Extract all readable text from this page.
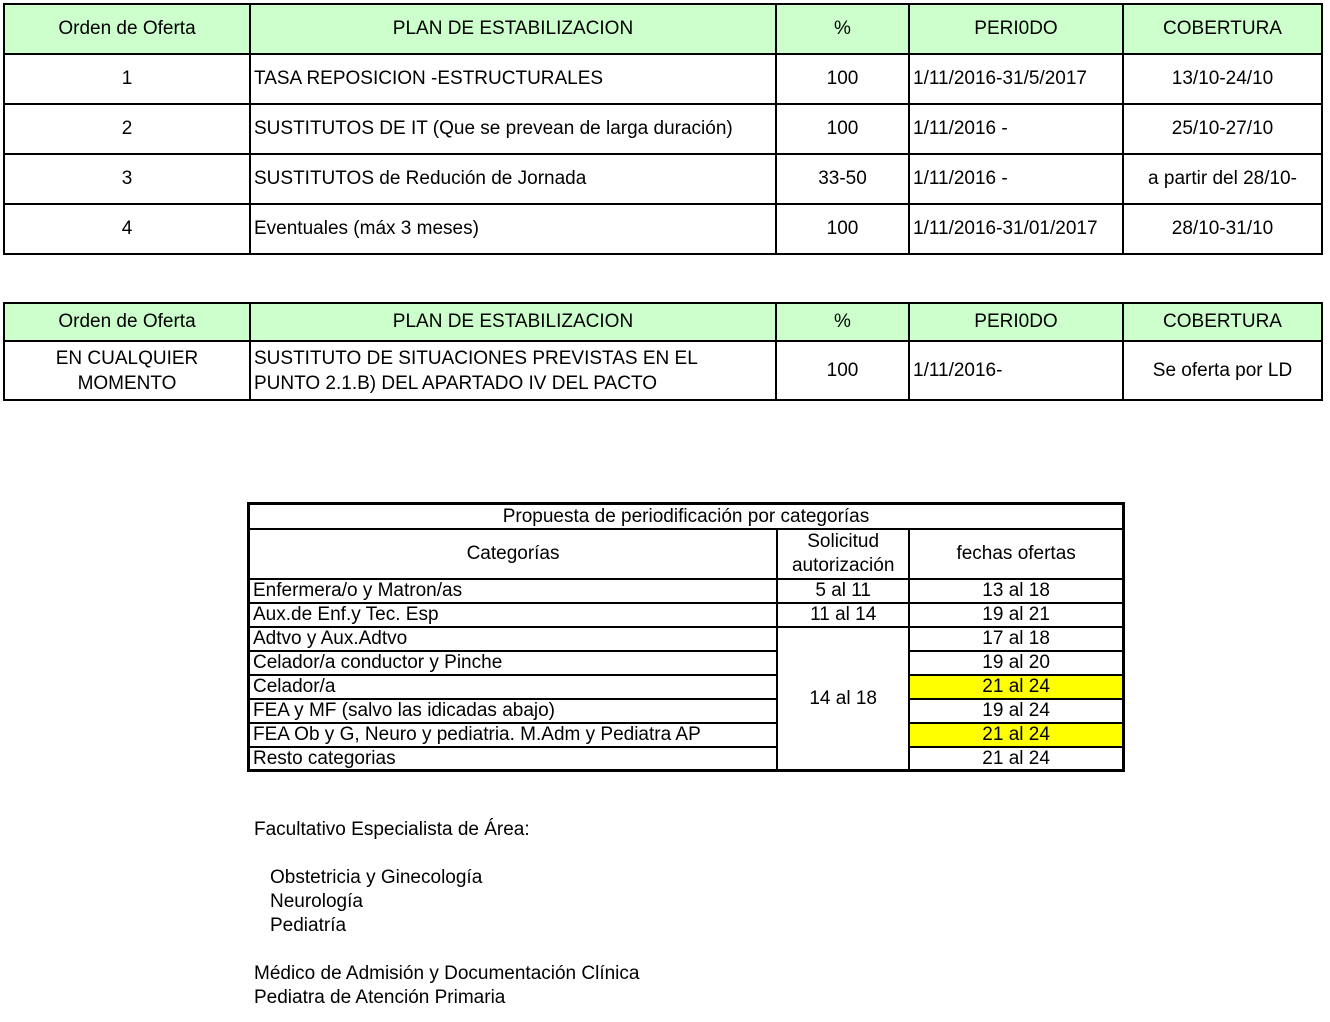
Orden de Oferta	PLAN DE ESTABILIZACION	%	PERI0DO	COBERTURA
1	TASA REPOSICION -ESTRUCTURALES	100	1/11/2016-31/5/2017	13/10-24/10
2	SUSTITUTOS DE IT (Que se prevean de larga duración)	100	1/11/2016 -	25/10-27/10
3	SUSTITUTOS de Redución de Jornada	33-50	1/11/2016 -	a partir del 28/10-
4	Eventuales (máx 3 meses)	100	1/11/2016-31/01/2017	28/10-31/10
Orden de Oferta	PLAN DE ESTABILIZACION	%	PERI0DO	COBERTURA
EN CUALQUIER MOMENTO	SUSTITUTO DE SITUACIONES PREVISTAS EN EL PUNTO 2.1.B) DEL APARTADO IV DEL PACTO	100	1/11/2016-	Se oferta por LD
Propuesta de periodificación por categorías		
Categorías	Solicitud autorización	fechas ofertas
Enfermera/o y Matron/as	5 al 11	13 al 18
Aux.de Enf.y Tec. Esp	11 al 14	19 al 21
Adtvo y Aux.Adtvo	14 al 18	17 al 18
Celador/a conductor y Pinche		19 al 20
Celador/a		21 al 24
FEA y MF (salvo las idicadas abajo)		19 al 24
FEA Ob y G, Neuro y pediatria. M.Adm y Pediatra AP		21 al 24
Resto categorias		21 al 24

Facultativo Especialista de Área:

Obstetricia y Ginecología

Neurología

Pediatría

Médico de Admisión y Documentación Clínica

Pediatra de Atención Primaria
